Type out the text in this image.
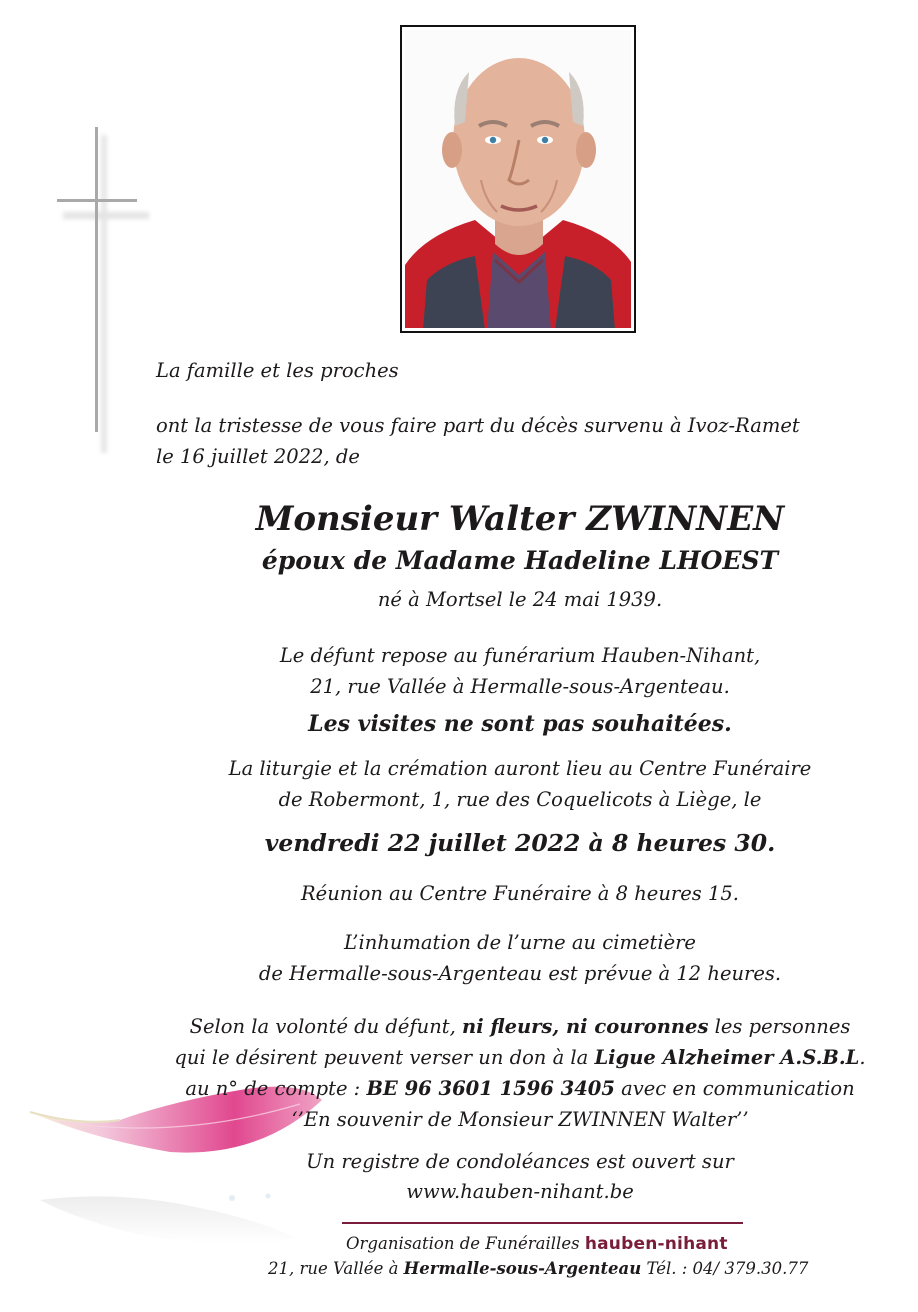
La famille et les proches
ont la tristesse de vous faire part du décès survenu à Ivoz-Ramet
le 16 juillet 2022, de
Monsieur Walter ZWINNEN
époux de Madame Hadeline LHOEST
né à Mortsel le 24 mai 1939.
Le défunt repose au funérarium Hauben-Nihant,
21, rue Vallée à Hermalle-sous-Argenteau.
Les visites ne sont pas souhaitées.
La liturgie et la crémation auront lieu au Centre Funéraire
de Robermont, 1, rue des Coquelicots à Liège, le
vendredi 22 juillet 2022 à 8 heures 30.
Réunion au Centre Funéraire à 8 heures 15.
L’inhumation de l’urne au cimetière
de Hermalle-sous-Argenteau est prévue à 12 heures.
Selon la volonté du défunt, ni fleurs, ni couronnes les personnes
qui le désirent peuvent verser un don à la Ligue Alzheimer A.S.B.L.
au n° de compte : BE 96 3601 1596 3405 avec en communication
‘’En souvenir de Monsieur ZWINNEN Walter’’
Un registre de condoléances est ouvert sur
www.hauben-nihant.be
Organisation de Funérailles hauben-nihant
21, rue Vallée à Hermalle-sous-Argenteau Tél. : 04/ 379.30.77
